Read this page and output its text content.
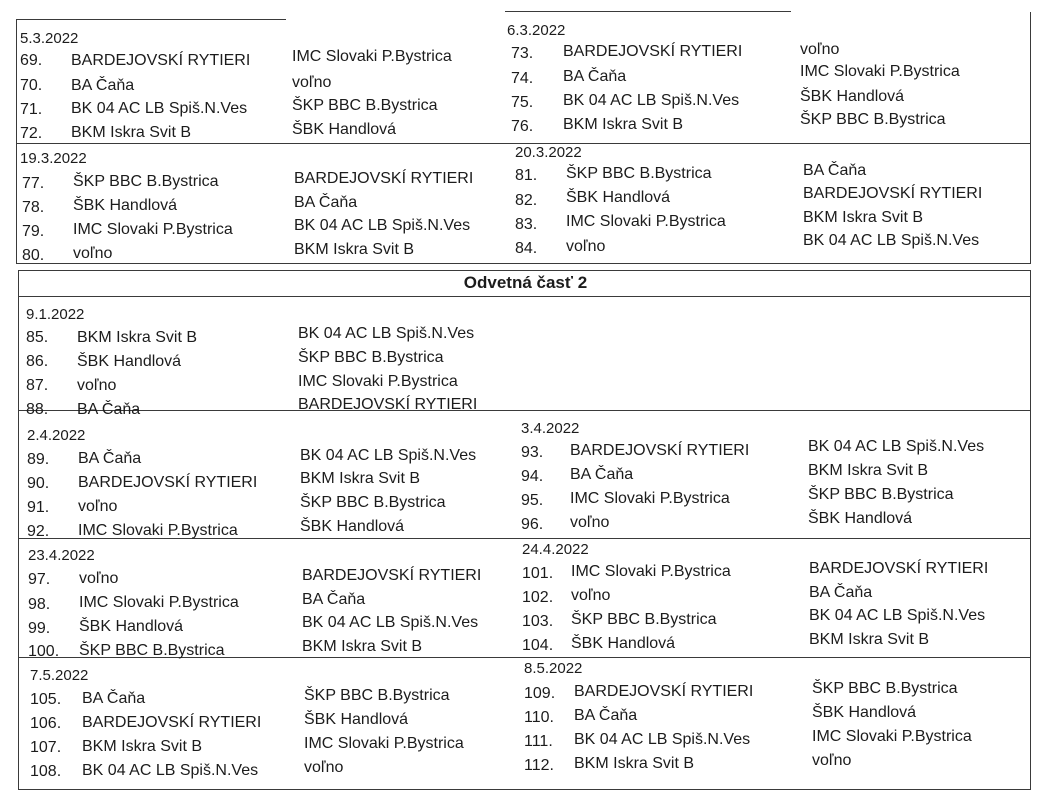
5.3.2022
69. BARDEJOVSKÍ RYTIERI	IMC Slovaki P.Bystrica
70. BA Čaňa	voľno
71. BK 04 AC LB Spiš.N.Ves	ŠKP BBC B.Bystrica
72. BKM Iskra Svit B	ŠBK Handlová
6.3.2022
73. BARDEJOVSKÍ RYTIERI	voľno
74. BA Čaňa	IMC Slovaki P.Bystrica
75. BK 04 AC LB Spiš.N.Ves	ŠBK Handlová
76. BKM Iskra Svit B	ŠKP BBC B.Bystrica
19.3.2022
77. ŠKP BBC B.Bystrica	BARDEJOVSKÍ RYTIERI
78. ŠBK Handlová	BA Čaňa
79. IMC Slovaki P.Bystrica	BK 04 AC LB Spiš.N.Ves
80. voľno	BKM Iskra Svit B
20.3.2022
81. ŠKP BBC B.Bystrica	BA Čaňa
82. ŠBK Handlová	BARDEJOVSKÍ RYTIERI
83. IMC Slovaki P.Bystrica	BKM Iskra Svit B
84. voľno	BK 04 AC LB Spiš.N.Ves
Odvetná časť 2
9.1.2022
85. BKM Iskra Svit B	BK 04 AC LB Spiš.N.Ves
86. ŠBK Handlová	ŠKP BBC B.Bystrica
87. voľno	IMC Slovaki P.Bystrica
88. BA Čaňa	BARDEJOVSKÍ RYTIERI
2.4.2022
89. BA Čaňa	BK 04 AC LB Spiš.N.Ves
90. BARDEJOVSKÍ RYTIERI	BKM Iskra Svit B
91. voľno	ŠKP BBC B.Bystrica
92. IMC Slovaki P.Bystrica	ŠBK Handlová
3.4.2022
93. BARDEJOVSKÍ RYTIERI	BK 04 AC LB Spiš.N.Ves
94. BA Čaňa	BKM Iskra Svit B
95. IMC Slovaki P.Bystrica	ŠKP BBC B.Bystrica
96. voľno	ŠBK Handlová
23.4.2022
97. voľno	BARDEJOVSKÍ RYTIERI
98. IMC Slovaki P.Bystrica	BA Čaňa
99. ŠBK Handlová	BK 04 AC LB Spiš.N.Ves
100. ŠKP BBC B.Bystrica	BKM Iskra Svit B
24.4.2022
101. IMC Slovaki P.Bystrica	BARDEJOVSKÍ RYTIERI
102. voľno	BA Čaňa
103. ŠKP BBC B.Bystrica	BK 04 AC LB Spiš.N.Ves
104. ŠBK Handlová	BKM Iskra Svit B
7.5.2022
105. BA Čaňa	ŠKP BBC B.Bystrica
106. BARDEJOVSKÍ RYTIERI	ŠBK Handlová
107. BKM Iskra Svit B	IMC Slovaki P.Bystrica
108. BK 04 AC LB Spiš.N.Ves	voľno
8.5.2022
109. BARDEJOVSKÍ RYTIERI	ŠKP BBC B.Bystrica
110. BA Čaňa	ŠBK Handlová
111. BK 04 AC LB Spiš.N.Ves	IMC Slovaki P.Bystrica
112. BKM Iskra Svit B	voľno
